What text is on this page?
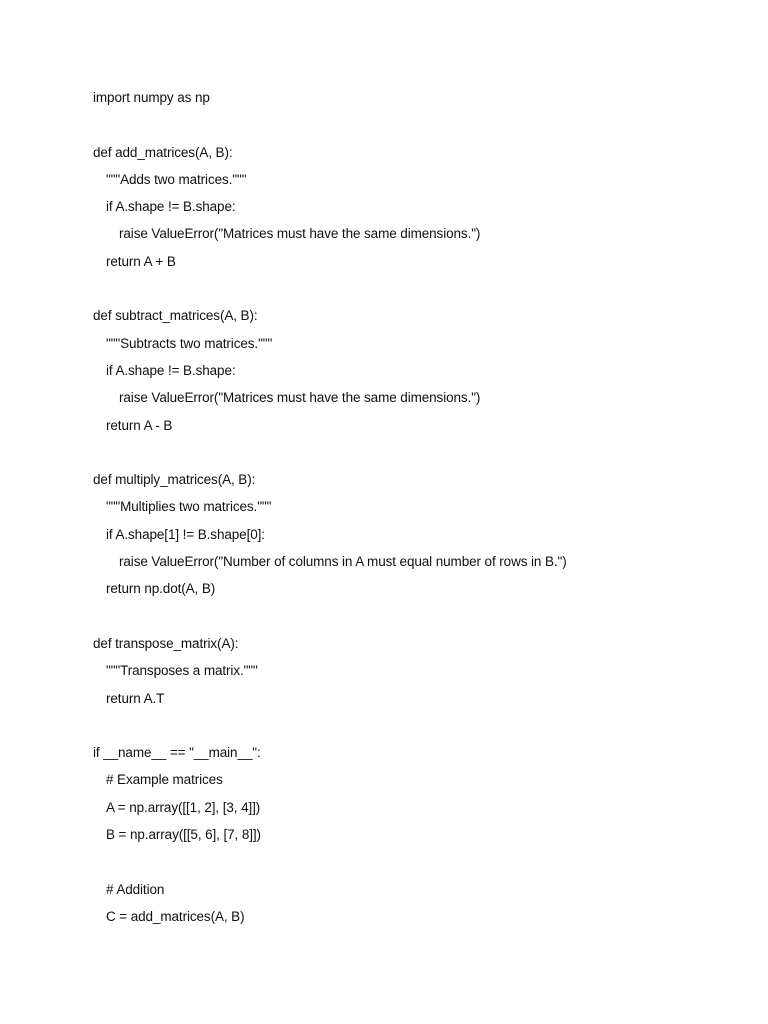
import numpy as np
def add_matrices(A, B):
"""Adds two matrices."""
if A.shape != B.shape:
raise ValueError("Matrices must have the same dimensions.")
return A + B
def subtract_matrices(A, B):
"""Subtracts two matrices."""
if A.shape != B.shape:
raise ValueError("Matrices must have the same dimensions.")
return A - B
def multiply_matrices(A, B):
"""Multiplies two matrices."""
if A.shape[1] != B.shape[0]:
raise ValueError("Number of columns in A must equal number of rows in B.")
return np.dot(A, B)
def transpose_matrix(A):
"""Transposes a matrix."""
return A.T
if __name__ == "__main__":
# Example matrices
A = np.array([[1, 2], [3, 4]])
B = np.array([[5, 6], [7, 8]])
# Addition
C = add_matrices(A, B)
